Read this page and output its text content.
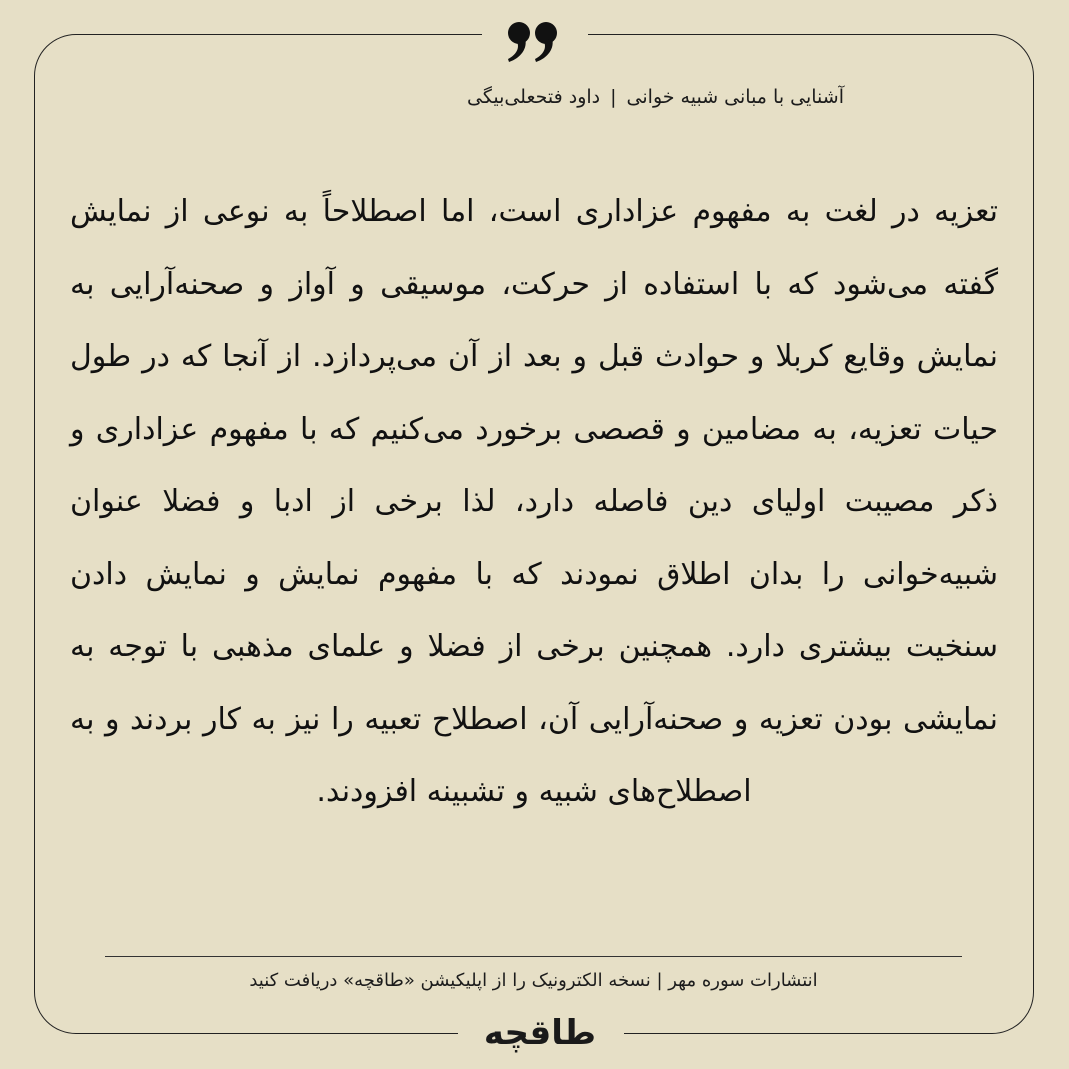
آشنایی با مبانی شبیه خوانی|داود فتحعلی‌بیگی
تعزیه در لغت به مفهوم عزاداری است، اما اصطلاحاً به نوعی از نمایش گفته می‌شود که با استفاده از حرکت، موسیقی و آواز و صحنه‌آرایی به نمایش وقایع کربلا و حوادث قبل و بعد از آن می‌پردازد. از آنجا که در طول حیات تعزیه، به مضامین و قصصی برخورد می‌کنیم که با مفهوم عزاداری و ذکر مصیبت اولیای دین فاصله دارد، لذا برخی از ادبا و فضلا عنوان شبیه‌خوانی را بدان اطلاق نمودند که با مفهوم نمایش و نمایش دادن سنخیت بیشتری دارد. همچنین برخی از فضلا و علمای مذهبی با توجه به نمایشی بودن تعزیه و صحنه‌آرایی آن، اصطلاح تعبیه را نیز به کار بردند و به اصطلاح‌های شبیه و تشبینه افزودند.
انتشارات سوره مهر | نسخه الکترونیک را از اپلیکیشن «طاقچه» دریافت کنید
طاقچه
